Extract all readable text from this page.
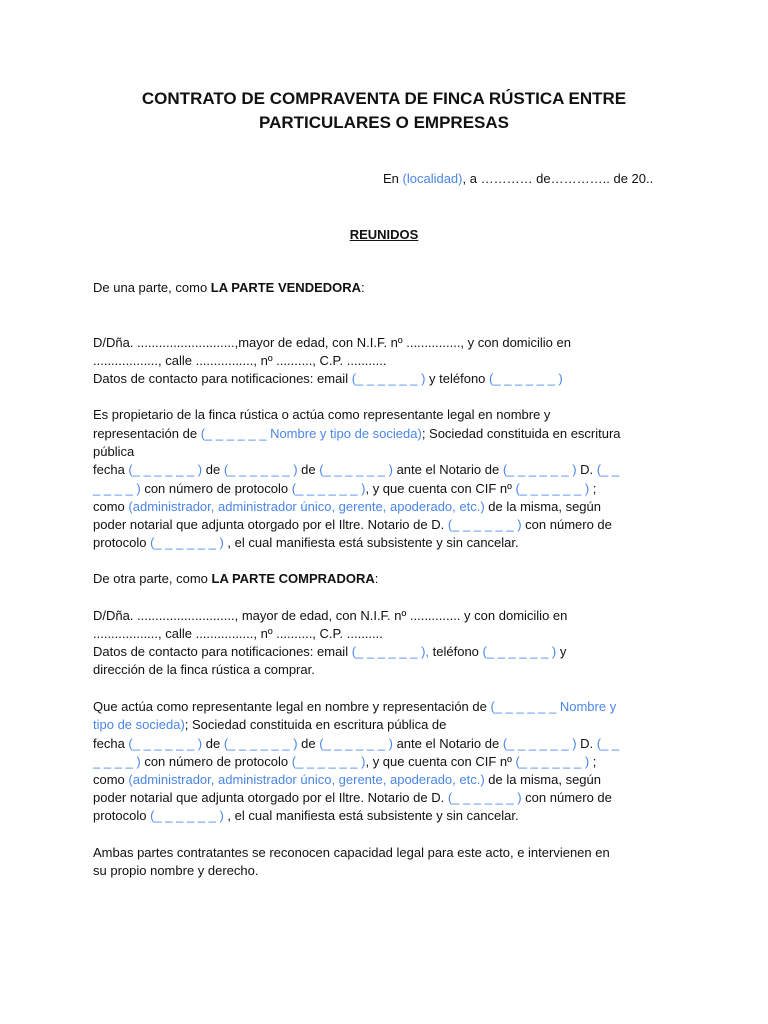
CONTRATO DE COMPRAVENTA DE FINCA RÚSTICA ENTRE
PARTICULARES O EMPRESAS
En (localidad), a ………… de………….. de 20..
REUNIDOS
De una parte, como LA PARTE VENDEDORA:
D/Dña. ...........................,mayor de edad, con N.I.F. nº ..............., y con domicilio en
.................., calle ................, nº .........., C.P. ...........
Datos de contacto para notificaciones: email (_ _ _ _ _ _ ) y teléfono (_ _ _ _ _ _ )
Es propietario de la finca rústica o actúa como representante legal en nombre y
representación de (_ _ _ _ _ _ Nombre y tipo de socieda); Sociedad constituida en escritura
pública
fecha (_ _ _ _ _ _ ) de (_ _ _ _ _ _ ) de (_ _ _ _ _ _ ) ante el Notario de (_ _ _ _ _ _ ) D. (_ _
_ _ _ _ ) con número de protocolo (_ _ _ _ _ _ ), y que cuenta con CIF nº (_ _ _ _ _ _ ) ;
como (administrador, administrador único, gerente, apoderado, etc.) de la misma, según
poder notarial que adjunta otorgado por el Iltre. Notario de D. (_ _ _ _ _ _ ) con número de
protocolo (_ _ _ _ _ _ ) , el cual manifiesta está subsistente y sin cancelar.
De otra parte, como LA PARTE COMPRADORA:
D/Dña. ..........................., mayor de edad, con N.I.F. nº .............. y con domicilio en
.................., calle ................, nº .........., C.P. ..........
Datos de contacto para notificaciones: email (_ _ _ _ _ _ ), teléfono (_ _ _ _ _ _ ) y
dirección de la finca rústica a comprar.
Que actúa como representante legal en nombre y representación de (_ _ _ _ _ _ Nombre y
tipo de socieda); Sociedad constituida en escritura pública de
fecha (_ _ _ _ _ _ ) de (_ _ _ _ _ _ ) de (_ _ _ _ _ _ ) ante el Notario de (_ _ _ _ _ _ ) D. (_ _
_ _ _ _ ) con número de protocolo (_ _ _ _ _ _ ), y que cuenta con CIF nº (_ _ _ _ _ _ ) ;
como (administrador, administrador único, gerente, apoderado, etc.) de la misma, según
poder notarial que adjunta otorgado por el Iltre. Notario de D. (_ _ _ _ _ _ ) con número de
protocolo (_ _ _ _ _ _ ) , el cual manifiesta está subsistente y sin cancelar.
Ambas partes contratantes se reconocen capacidad legal para este acto, e intervienen en
su propio nombre y derecho.
